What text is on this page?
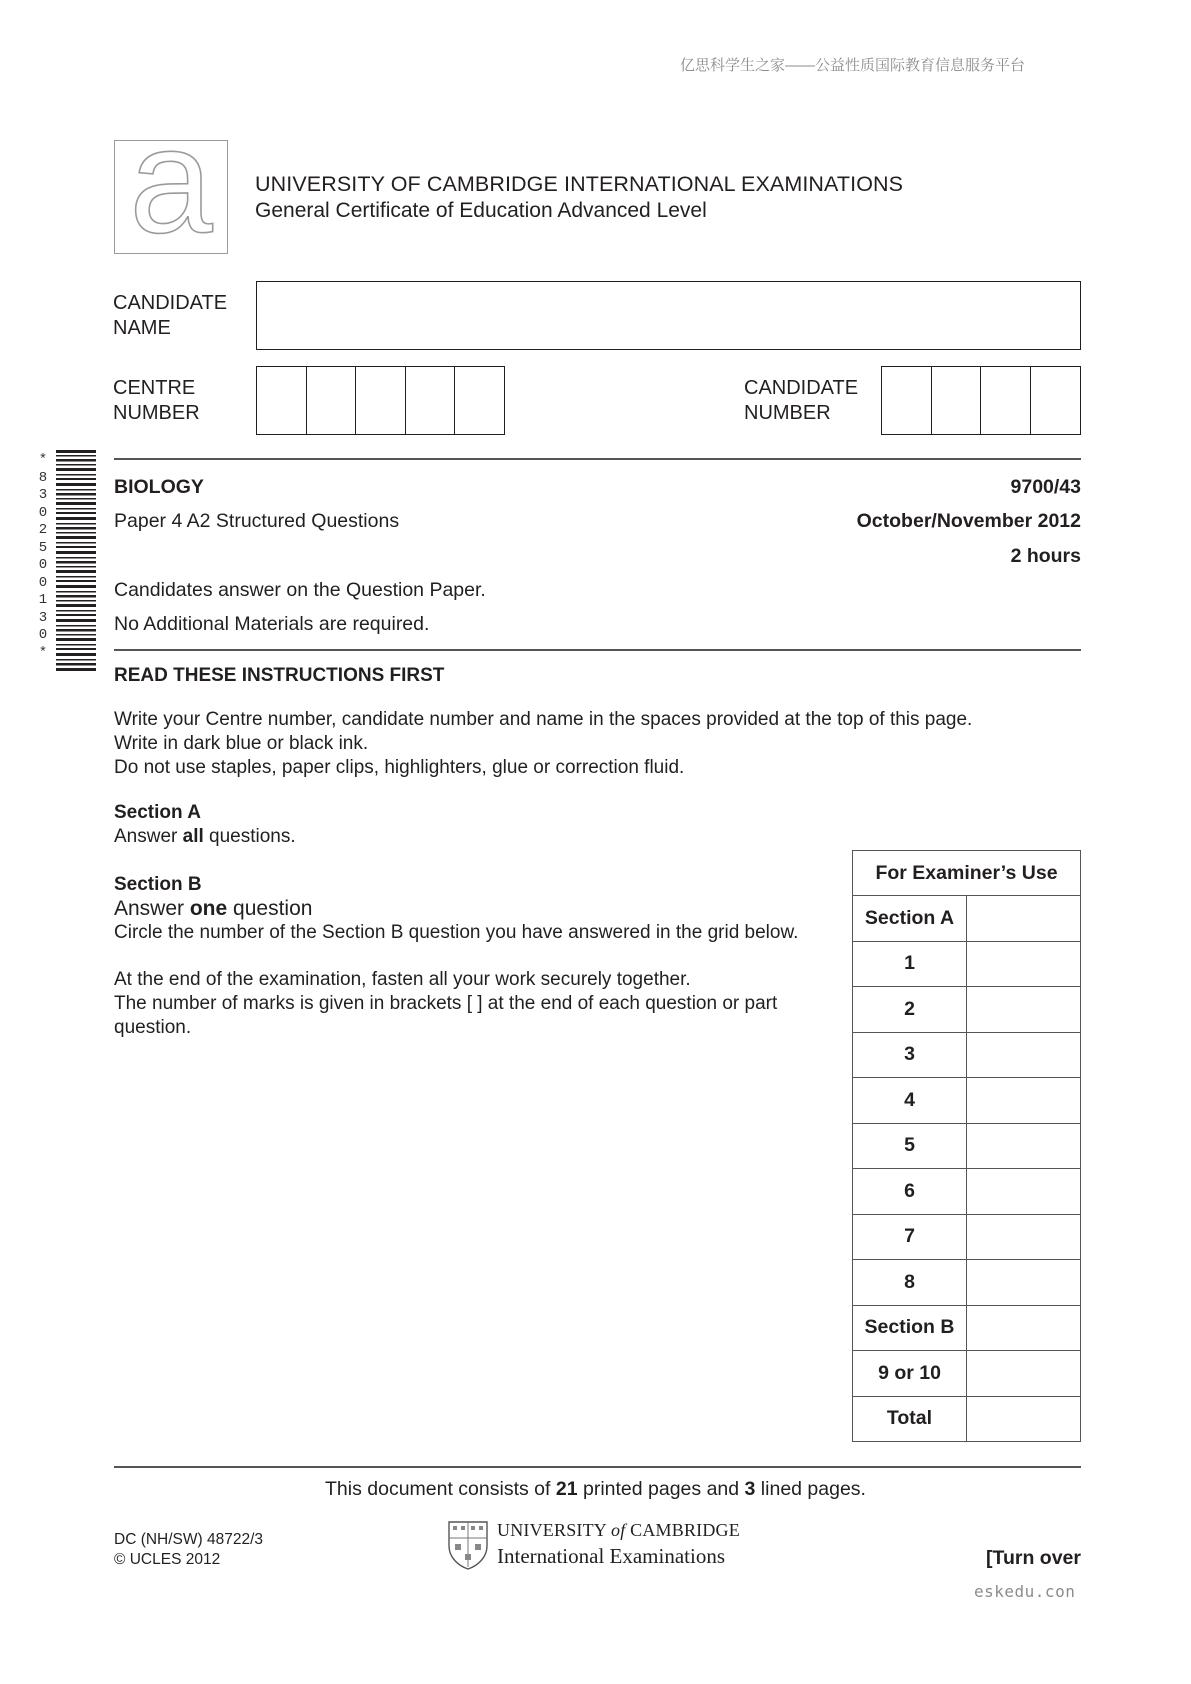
亿思科学生之家——公益性质国际教育信息服务平台
a	UNIVERSITY OF CAMBRIDGE INTERNATIONAL EXAMINATIONS
General Certificate of Education Advanced Level
CANDIDATE
NAME
CENTRE
NUMBER
CANDIDATE
NUMBER
*
8
3
0
2
5
0
0
1
3
0
*
BIOLOGY	9700/43
Paper 4 A2 Structured Questions	October/November 2012
2 hours
Candidates answer on the Question Paper.
No Additional Materials are required.
READ THESE INSTRUCTIONS FIRST
Write your Centre number, candidate number and name in the spaces provided at the top of this page.
Write in dark blue or black ink.
Do not use staples, paper clips, highlighters, glue or correction fluid.
Section A
Answer all questions.
Section B
Answer one question
Circle the number of the Section B question you have answered in the grid below.
At the end of the examination, fasten all your work securely together.
The number of marks is given in brackets [ ] at the end of each question or part
question.
For Examiner’s Use	
Section A	
1	
2	
3	
4	
5	
6	
7	
8	
Section B	
9 or 10	
Total	
This document consists of 21 printed pages and 3 lined pages.
DC (NH/SW) 48722/3
© UCLES 2012
UNIVERSITY of CAMBRIDGE
International Examinations	[Turn over
eskedu.con
